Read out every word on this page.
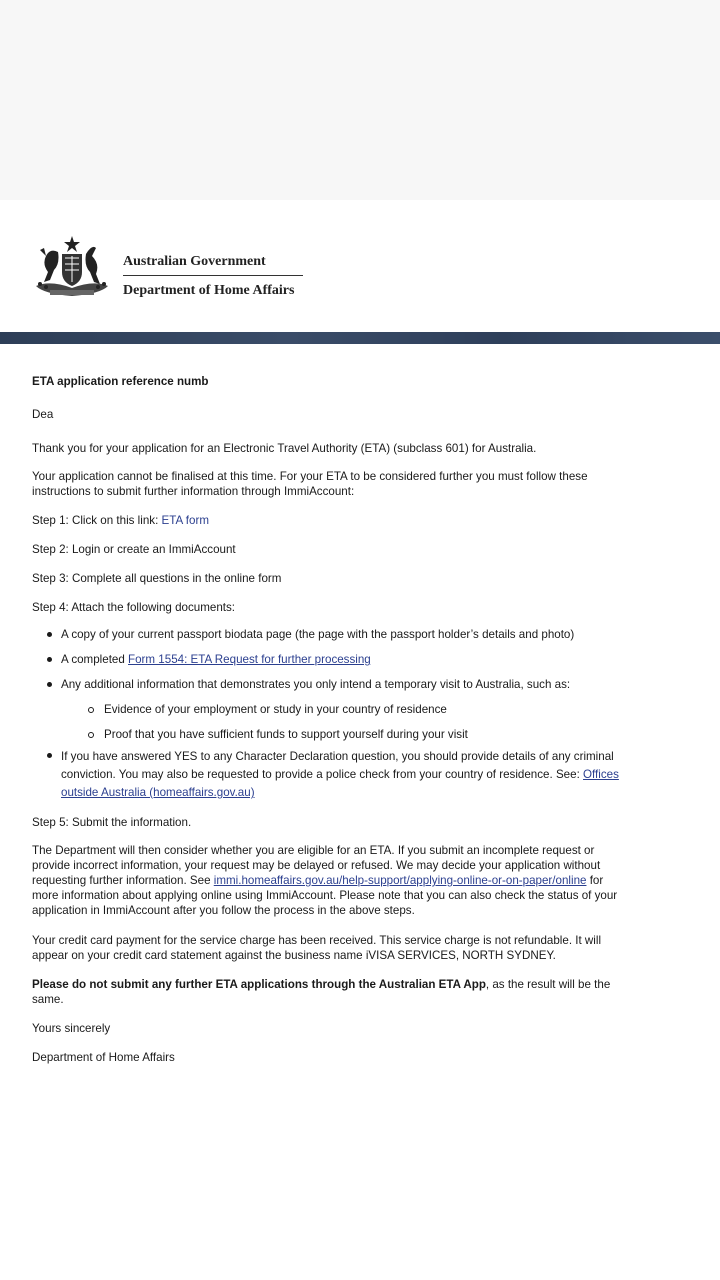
Australian Government
Department of Home Affairs

ETA application reference numb

Dea

Thank you for your application for an Electronic Travel Authority (ETA) (subclass 601) for Australia.

Your application cannot be finalised at this time. For your ETA to be considered further you must follow these instructions to submit further information through ImmiAccount:

Step 1: Click on this link: ETA form

Step 2: Login or create an ImmiAccount

Step 3: Complete all questions in the online form

Step 4: Attach the following documents:

A copy of your current passport biodata page (the page with the passport holder’s details and photo)
A completed Form 1554: ETA Request for further processing
Any additional information that demonstrates you only intend a temporary visit to Australia, such as:
Evidence of your employment or study in your country of residence
Proof that you have sufficient funds to support yourself during your visit
If you have answered YES to any Character Declaration question, you should provide details of any criminal conviction. You may also be requested to provide a police check from your country of residence. See: Offices outside Australia (homeaffairs.gov.au)

Step 5: Submit the information.

The Department will then consider whether you are eligible for an ETA. If you submit an incomplete request or provide incorrect information, your request may be delayed or refused. We may decide your application without requesting further information. See immi.homeaffairs.gov.au/help-support/applying-online-or-on-paper/online for more information about applying online using ImmiAccount. Please note that you can also check the status of your application in ImmiAccount after you follow the process in the above steps.

Your credit card payment for the service charge has been received. This service charge is not refundable. It will appear on your credit card statement against the business name iVISA SERVICES, NORTH SYDNEY.

Please do not submit any further ETA applications through the Australian ETA App, as the result will be the same.

Yours sincerely

Department of Home Affairs
